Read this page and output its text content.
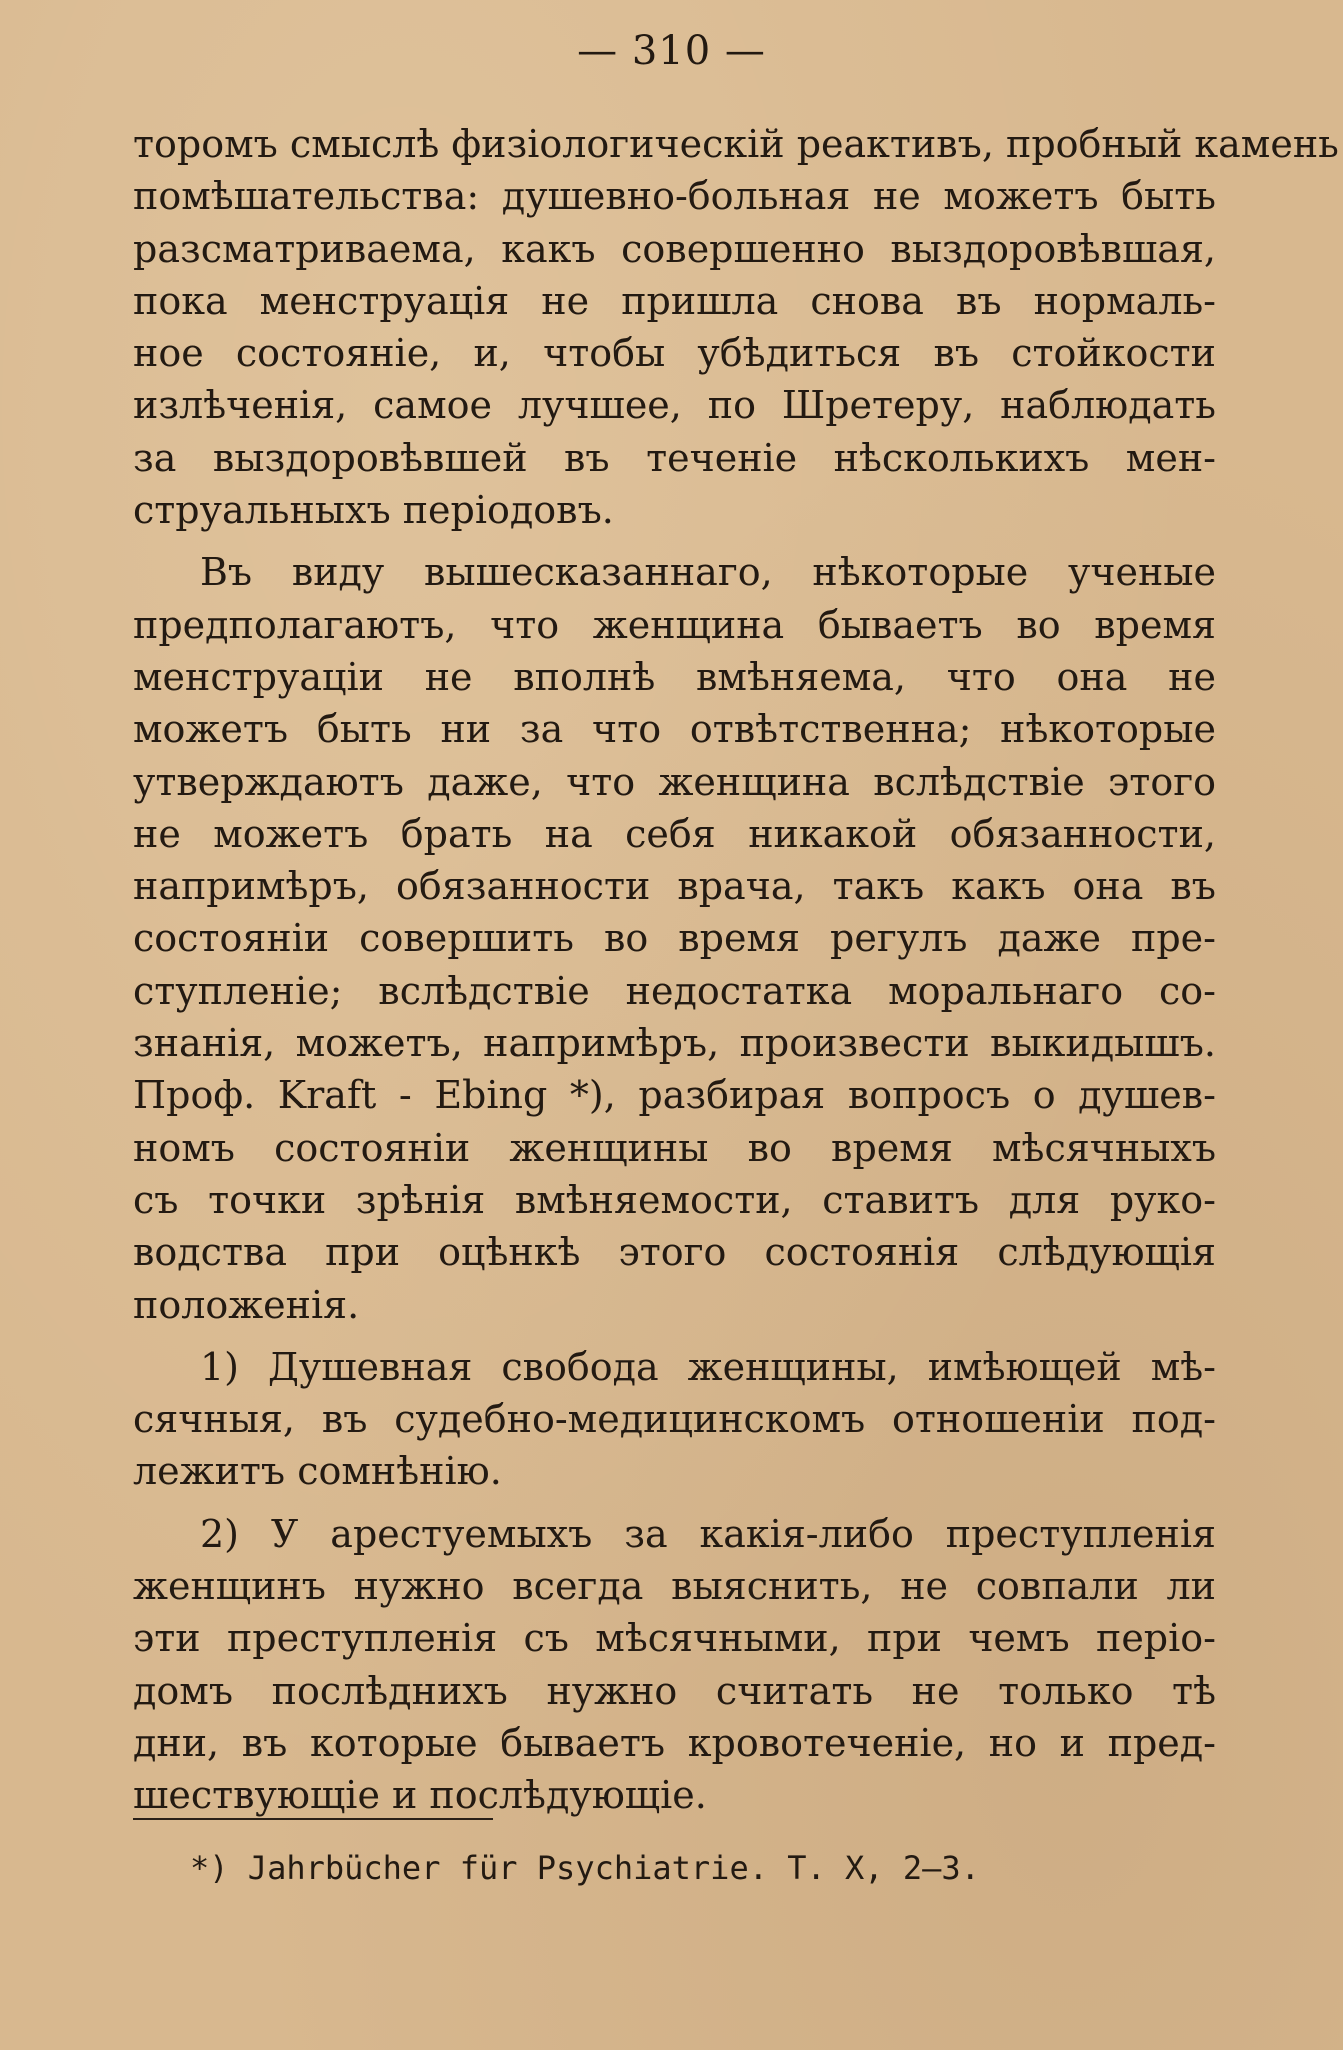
— 310 —
торомъ смыслѣ физіологическій реактивъ, пробный камень
помѣшательства: душевно-больная не можетъ быть
разсматриваема, какъ совершенно выздоровѣвшая,
пока менструація не пришла снова въ нормаль-
ное состояніе, и, чтобы убѣдиться въ стойкости
излѣченія, самое лучшее, по Шретеру, наблюдать
за выздоровѣвшей въ теченіе нѣсколькихъ мен-
струальныхъ періодовъ.
Въ виду вышесказаннаго, нѣкоторые ученые
предполагаютъ, что женщина бываетъ во время
менструаціи не вполнѣ вмѣняема, что она не
можетъ быть ни за что отвѣтственна; нѣкоторые
утверждаютъ даже, что женщина вслѣдствіе этого
не можетъ брать на себя никакой обязанности,
напримѣръ, обязанности врача, такъ какъ она въ
состояніи совершить во время регулъ даже пре-
ступленіе; вслѣдствіе недостатка моральнаго со-
знанія, можетъ, напримѣръ, произвести выкидышъ.
Проф. Kraft - Ebing *), разбирая вопросъ о душев-
номъ состояніи женщины во время мѣсячныхъ
съ точки зрѣнія вмѣняемости, ставитъ для руко-
водства при оцѣнкѣ этого состоянія слѣдующія
положенія.
1) Душевная свобода женщины, имѣющей мѣ-
сячныя, въ судебно-медицинскомъ отношеніи под-
лежитъ сомнѣнію.
2) У арестуемыхъ за какія-либо преступленія
женщинъ нужно всегда выяснить, не совпали ли
эти преступленія съ мѣсячными, при чемъ періо-
домъ послѣднихъ нужно считать не только тѣ
дни, въ которые бываетъ кровотеченіе, но и пред-
шествующіе и послѣдующіе.
*) Jahrbücher für Psychiatrie. T. X, 2—3.
